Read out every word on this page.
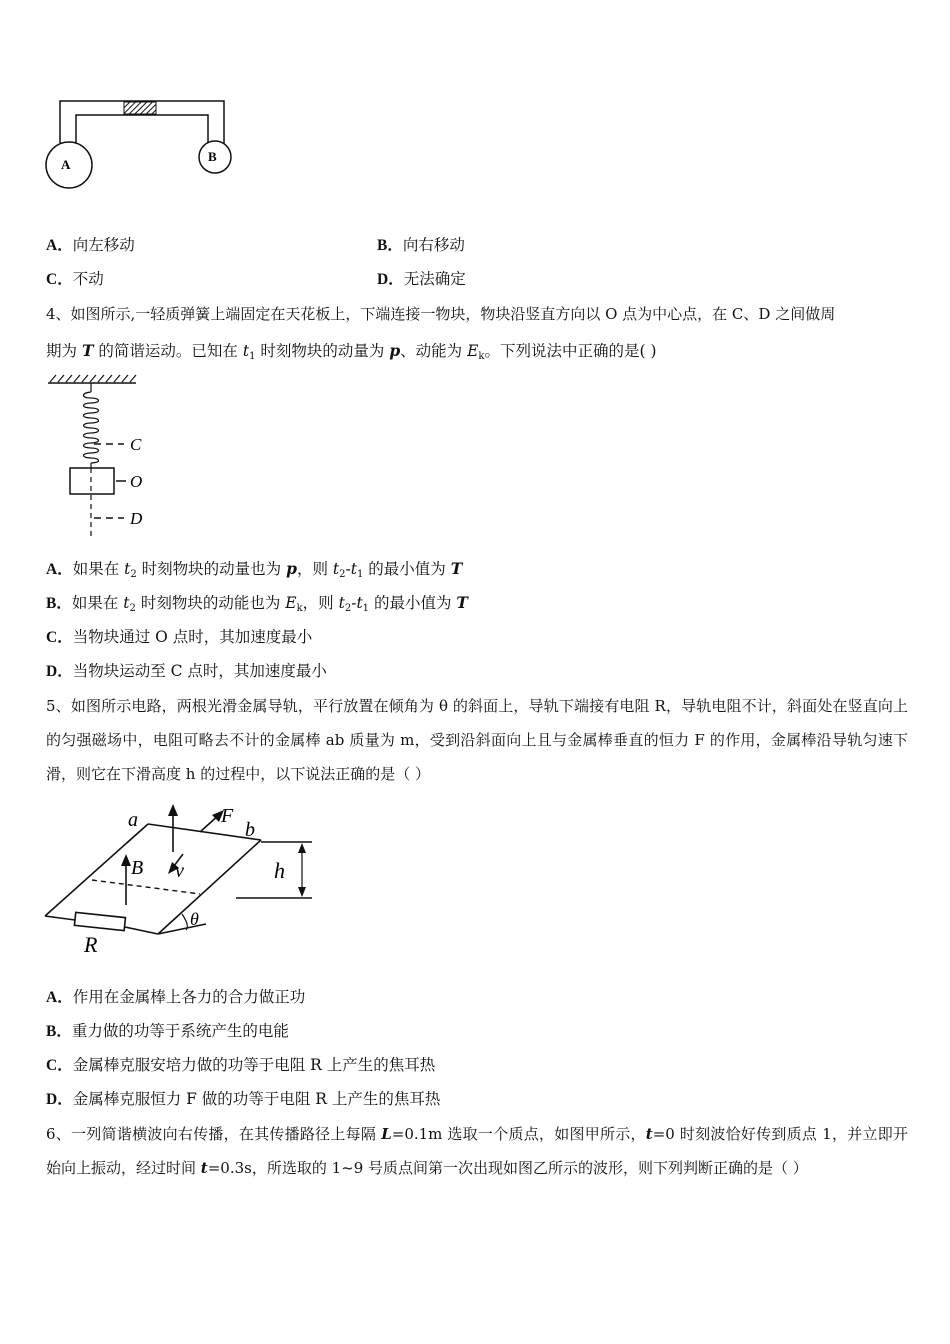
A
B
A．向左移动	B．向右移动
C．不动	D．无法确定
4、如图所示,一轻质弹簧上端固定在天花板上，下端连接一物块，物块沿竖直方向以 O 点为中心点，在 C、D 之间做周
期为 T 的简谐运动。已知在 $t_1$ 时刻物块的动量为 p、动能为 $E_k$。下列说法中正确的是( )
C
O
D
A．如果在 $t_2$ 时刻物块的动量也为 p，则 $t_2-t_1$ 的最小值为 T
B．如果在 $t_2$ 时刻物块的动能也为 $E_k$，则 $t_2-t_1$ 的最小值为 T
C．当物块通过 O 点时，其加速度最小
D．当物块运动至 C 点时，其加速度最小
5、如图所示电路，两根光滑金属导轨，平行放置在倾角为 θ 的斜面上，导轨下端接有电阻 R，导轨电阻不计，斜面处在竖直向上的匀强磁场中，电阻可略去不计的金属棒 ab 质量为 m，受到沿斜面向上且与金属棒垂直的恒力 F 的作用，金属棒沿导轨匀速下滑，则它在下滑高度 h 的过程中，以下说法正确的是（ ）
a	b
F
v
B	h
θ
R
A．作用在金属棒上各力的合力做正功
B．重力做的功等于系统产生的电能
C．金属棒克服安培力做的功等于电阻 R 上产生的焦耳热
D．金属棒克服恒力 F 做的功等于电阻 R 上产生的焦耳热
6、一列简谐横波向右传播，在其传播路径上每隔 L=0.1m 选取一个质点，如图甲所示，t=0 时刻波恰好传到质点 1，并立即开始向上振动，经过时间 t=0.3s，所选取的 1~9 号质点间第一次出现如图乙所示的波形，则下列判断正确的是（ ）
